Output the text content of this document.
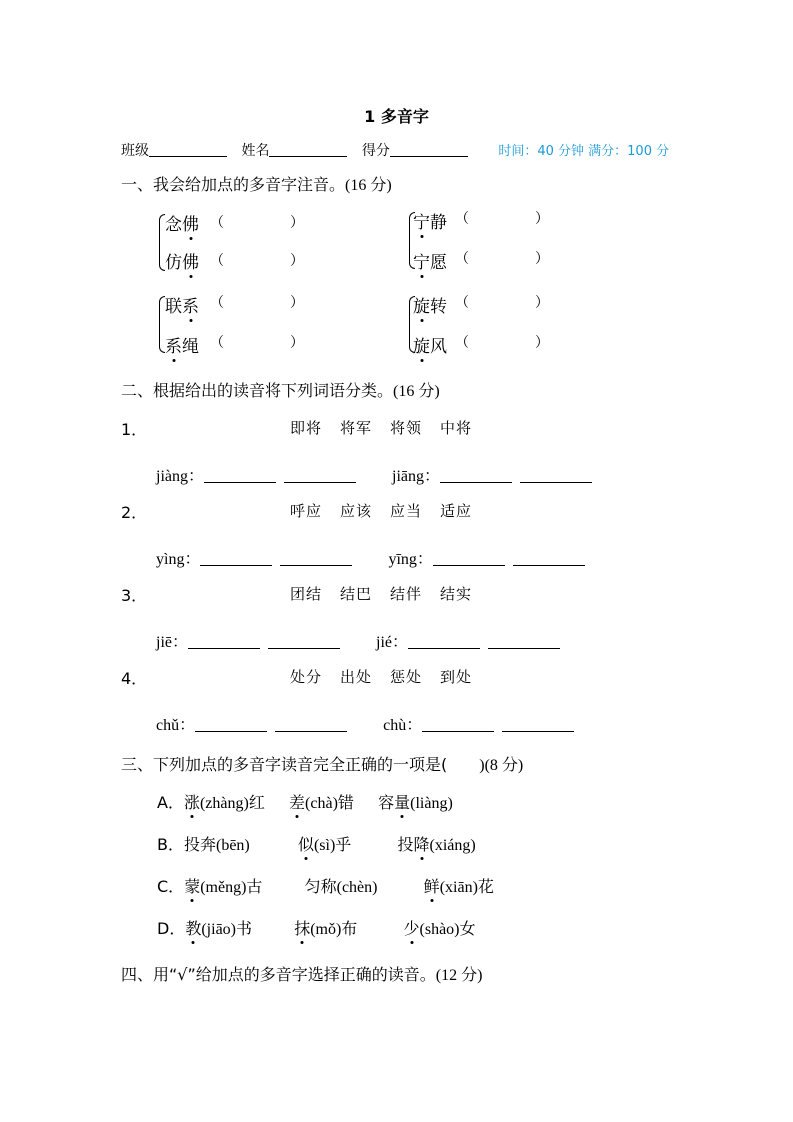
1 多音字
班级	姓名	得分	时间：40 分钟 满分：100 分
一、我会给加点的多音字注音。(16 分)
念佛 （	）
仿佛 （	）
宁静 （	）
宁愿 （	）
联系 （	）
系绳 （	）
旋转 （	）
旋风 （	）
二、根据给出的读音将下列词语分类。(16 分)
1．	即将 将军 将领 中将
jiàng：	jiāng：
2．	呼应 应该 应当 适应
yìng：	yīng：
3．	团结 结巴 结伴 结实
jiē：	jié：
4．	处分 出处 惩处 到处
chǔ：	chù：
三、下列加点的多音字读音完全正确的一项是( )(8 分)
A．涨(zhàng)红 差(chà)错 容量(liàng)
B．投奔(bēn)	似(sì)乎	投降(xiáng)
C．蒙(měng)古	匀称(chèn)	鲜(xiān)花
D．教(jiāo)书	抹(mǒ)布	少(shào)女
四、用“√”给加点的多音字选择正确的读音。(12 分)
